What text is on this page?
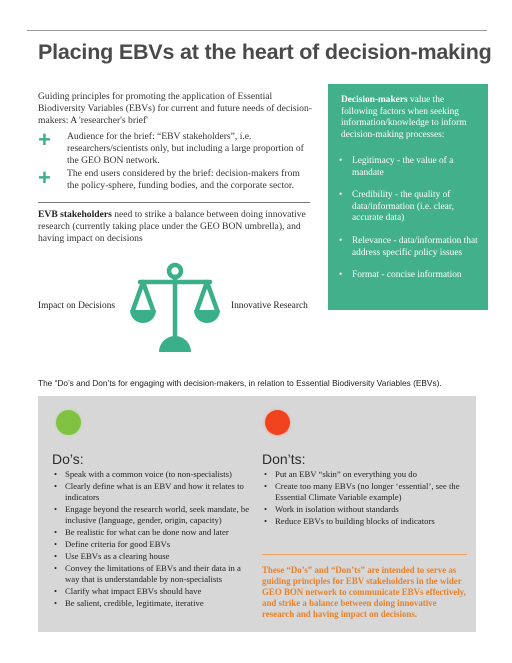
Placing EBVs at the heart of decision-making
Guiding principles for promoting the application of Essential Biodiversity Variables (EBVs) for current and future needs of decision-makers: A 'researcher's brief'
+ Audience for the brief: “EBV stakeholders”, i.e. researchers/scientists only, but including a large proportion of the GEO BON network.
+ The end users considered by the brief: decision-makers from the policy-sphere, funding bodies, and the corporate sector.
EVB stakeholders need to strike a balance between doing innovative research (currently taking place under the GEO BON umbrella), and having impact on decisions
Impact on Decisions	Innovative Research
Decision-makers value the following factors when seeking information/knowledge to inform decision-making processes:
• Legitimacy - the value of a mandate
• Credibility - the quality of data/information (i.e. clear, accurate data)
• Relevance - data/information that address specific policy issues
• Format - concise information
The “Do’s and Don’ts for engaging with decision-makers, in relation to Essential Biodiversity Variables (EBVs).
Do’s:	Don’ts:
• Speak with a common voice (to non-specialists)
• Clearly define what is an EBV and how it relates to indicators
• Engage beyond the research world, seek mandate, be inclusive (language, gender, origin, capacity)
• Be realistic for what can be done now and later
• Define criteria for good EBVs
• Use EBVs as a clearing house
• Convey the limitations of EBVs and their data in a way that is understandable by non-specialists
• Clarify what impact EBVs should have
• Be salient, credible, legitimate, iterative
• Put an EBV “skin” on everything you do
• Create too many EBVs (no longer ‘essential’, see the Essential Climate Variable example)
• Work in isolation without standards
• Reduce EBVs to building blocks of indicators
These “Do’s” and “Don’ts” are intended to serve as guiding principles for EBV stakeholders in the wider GEO BON network to communicate EBVs effectively, and strike a balance between doing innovative research and having impact on decisions.
